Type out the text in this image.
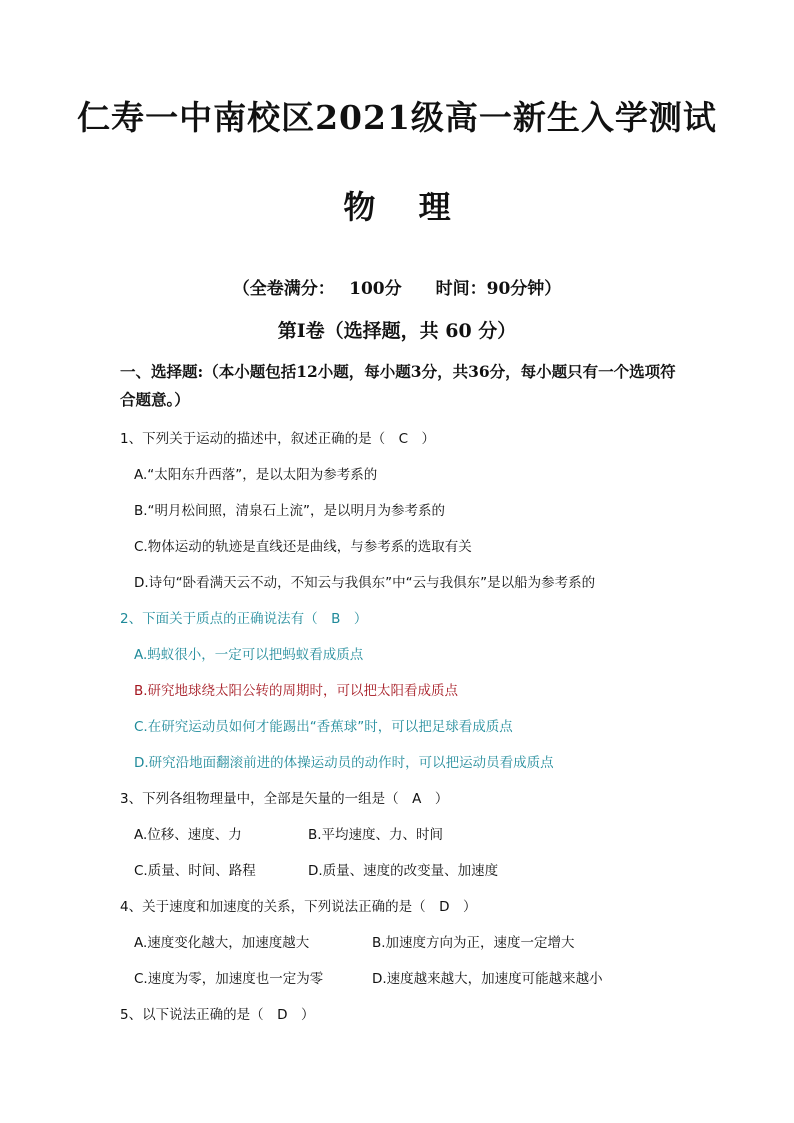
仁寿一中南校区2021级高一新生入学测试
物　 理
（全卷满分：　 100分　　时间：90分钟）
第Ⅰ卷（选择题，共 60 分）
一、选择题:（本小题包括12小题，每小题3分，共36分，每小题只有一个选项符合题意。）
1、下列关于运动的描述中，叙述正确的是（　C　）
A.“太阳东升西落”，是以太阳为参考系的
B.“明月松间照，清泉石上流”，是以明月为参考系的
C.物体运动的轨迹是直线还是曲线，与参考系的选取有关
D.诗句“卧看满天云不动，不知云与我俱东”中“云与我俱东”是以船为参考系的
2、下面关于质点的正确说法有（　B　）
A.蚂蚁很小，一定可以把蚂蚁看成质点
B.研究地球绕太阳公转的周期时，可以把太阳看成质点
C.在研究运动员如何才能踢出“香蕉球”时，可以把足球看成质点
D.研究沿地面翻滚前进的体操运动员的动作时，可以把运动员看成质点
3、下列各组物理量中，全部是矢量的一组是（　A　）
A.位移、速度、力	B.平均速度、力、时间
C.质量、时间、路程	D.质量、速度的改变量、加速度
4、关于速度和加速度的关系，下列说法正确的是（　D　）
A.速度变化越大，加速度越大	B.加速度方向为正，速度一定增大
C.速度为零，加速度也一定为零	D.速度越来越大，加速度可能越来越小
5、以下说法正确的是（　D　）
